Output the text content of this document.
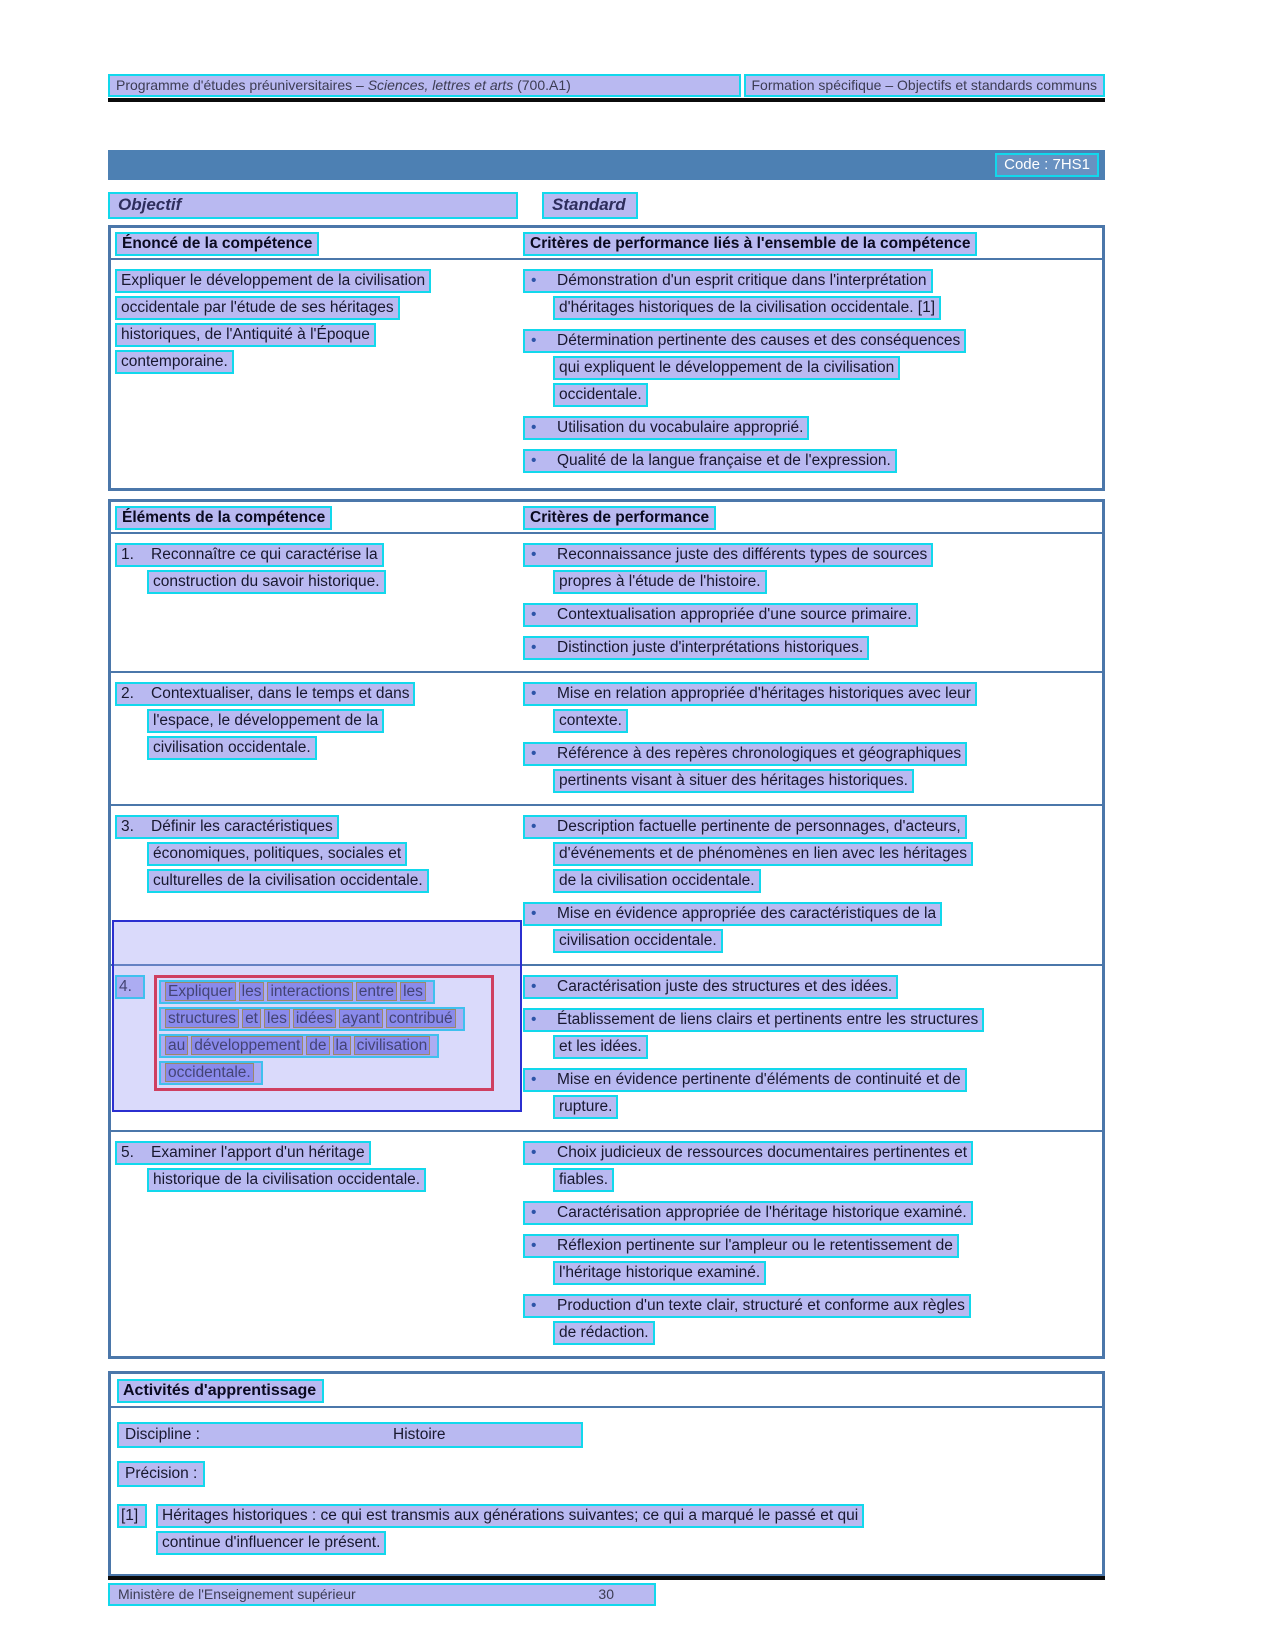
Programme d'études préuniversitaires – Sciences, lettres et arts (700.A1)	Formation spécifique – Objectifs et standards communs
Code : 7HS1
Objectif	Standard
Énoncé de la compétence	Critères de performance liés à l'ensemble de la compétence
Expliquer le développement de la civilisation
occidentale par l'étude de ses héritages
historiques, de l'Antiquité à l'Époque
contemporaine.
• Démonstration d'un esprit critique dans l'interprétation
d'héritages historiques de la civilisation occidentale. [1]
• Détermination pertinente des causes et des conséquences
qui expliquent le développement de la civilisation
occidentale.
• Utilisation du vocabulaire approprié.
• Qualité de la langue française et de l'expression.
Éléments de la compétence	Critères de performance
1. Reconnaître ce qui caractérise la
construction du savoir historique.
• Reconnaissance juste des différents types de sources
propres à l'étude de l'histoire.
• Contextualisation appropriée d'une source primaire.
• Distinction juste d'interprétations historiques.
2. Contextualiser, dans le temps et dans
l'espace, le développement de la
civilisation occidentale.
• Mise en relation appropriée d'héritages historiques avec leur
contexte.
• Référence à des repères chronologiques et géographiques
pertinents visant à situer des héritages historiques.
3. Définir les caractéristiques
économiques, politiques, sociales et
culturelles de la civilisation occidentale.
• Description factuelle pertinente de personnages, d'acteurs,
d'événements et de phénomènes en lien avec les héritages
de la civilisation occidentale.
• Mise en évidence appropriée des caractéristiques de la
civilisation occidentale.
4.	Expliquer les interactions entre les
structures et les idées ayant contribué
au développement de la civilisation
occidentale.
• Caractérisation juste des structures et des idées.
• Établissement de liens clairs et pertinents entre les structures
et les idées.
• Mise en évidence pertinente d'éléments de continuité et de
rupture.
5. Examiner l'apport d'un héritage
historique de la civilisation occidentale.
• Choix judicieux de ressources documentaires pertinentes et
fiables.
• Caractérisation appropriée de l'héritage historique examiné.
• Réflexion pertinente sur l'ampleur ou le retentissement de
l'héritage historique examiné.
• Production d'un texte clair, structuré et conforme aux règles
de rédaction.
Activités d'apprentissage
Discipline :	Histoire
Précision :
[1]	Héritages historiques : ce qui est transmis aux générations suivantes; ce qui a marqué le passé et qui
continue d'influencer le présent.
Ministère de l'Enseignement supérieur	30
